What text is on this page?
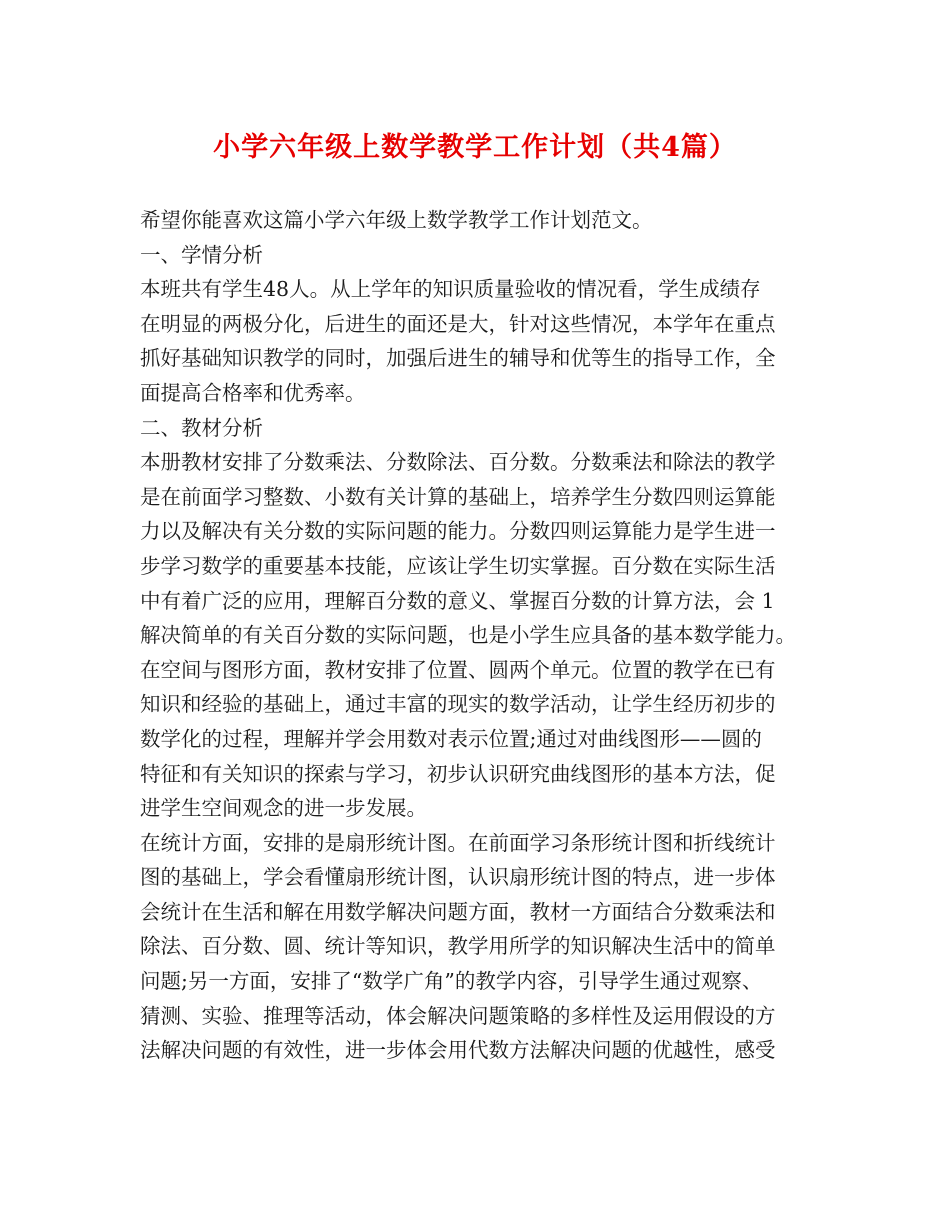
小学六年级上数学教学工作计划（共4篇）
希望你能喜欢这篇小学六年级上数学教学工作计划范文。
一、学情分析
本班共有学生48人。从上学年的知识质量验收的情况看，学生成绩存
在明显的两极分化，后进生的面还是大，针对这些情况，本学年在重点
抓好基础知识教学的同时，加强后进生的辅导和优等生的指导工作，全
面提高合格率和优秀率。
二、教材分析
本册教材安排了分数乘法、分数除法、百分数。分数乘法和除法的教学
是在前面学习整数、小数有关计算的基础上，培养学生分数四则运算能
力以及解决有关分数的实际问题的能力。分数四则运算能力是学生进一
步学习数学的重要基本技能，应该让学生切实掌握。百分数在实际生活
中有着广泛的应用，理解百分数的意义、掌握百分数的计算方法，会 1
解决简单的有关百分数的实际问题，也是小学生应具备的基本数学能力。
在空间与图形方面，教材安排了位置、圆两个单元。位置的教学在已有
知识和经验的基础上，通过丰富的现实的数学活动，让学生经历初步的
数学化的过程，理解并学会用数对表示位置;通过对曲线图形——圆的
特征和有关知识的探索与学习，初步认识研究曲线图形的基本方法，促
进学生空间观念的进一步发展。
在统计方面，安排的是扇形统计图。在前面学习条形统计图和折线统计
图的基础上，学会看懂扇形统计图，认识扇形统计图的特点，进一步体
会统计在生活和解在用数学解决问题方面，教材一方面结合分数乘法和
除法、百分数、圆、统计等知识，教学用所学的知识解决生活中的简单
问题;另一方面，安排了“数学广角”的教学内容，引导学生通过观察、
猜测、实验、推理等活动，体会解决问题策略的多样性及运用假设的方
法解决问题的有效性，进一步体会用代数方法解决问题的优越性，感受
